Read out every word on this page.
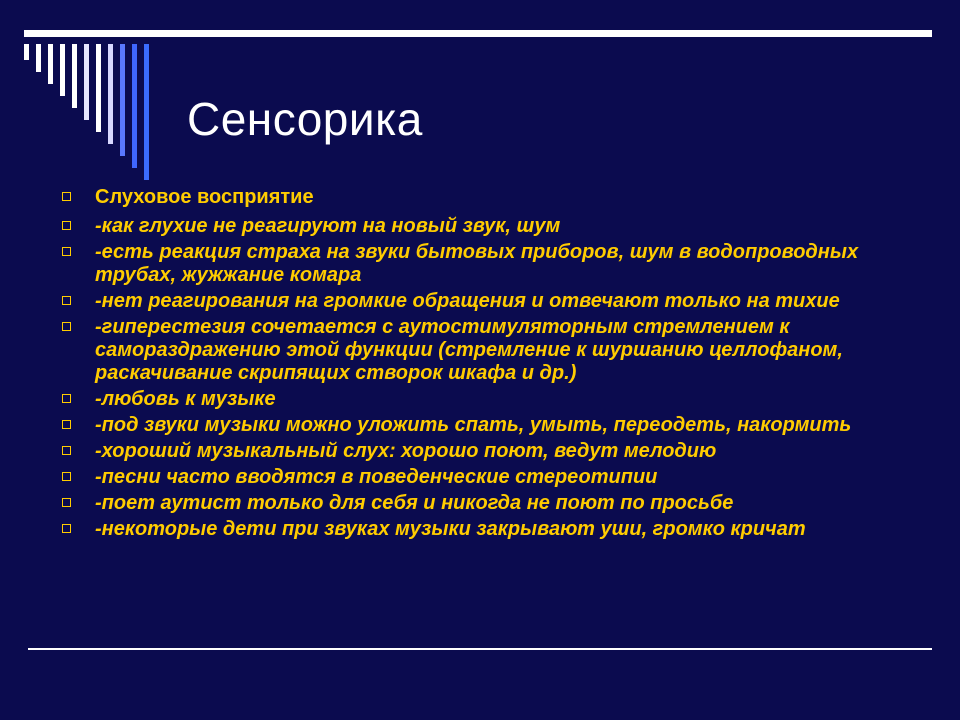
Сенсорика
Слуховое восприятие
-как глухие не реагируют на новый звук, шум
-есть реакция страха на звуки бытовых приборов, шум в водопроводных трубах, жужжание комара
-нет реагирования на громкие обращения и отвечают только на тихие
-гиперестезия сочетается с аутостимуляторным стремлением к самораздражению этой функции (стремление к шуршанию целлофаном, раскачивание скрипящих створок шкафа и др.)
-любовь к музыке
-под звуки музыки можно уложить спать, умыть, переодеть, накормить
-хороший музыкальный слух: хорошо поют, ведут мелодию
-песни часто вводятся в поведенческие стереотипии
-поет аутист только для себя и никогда не поют по просьбе
-некоторые дети при звуках музыки закрывают уши, громко кричат
